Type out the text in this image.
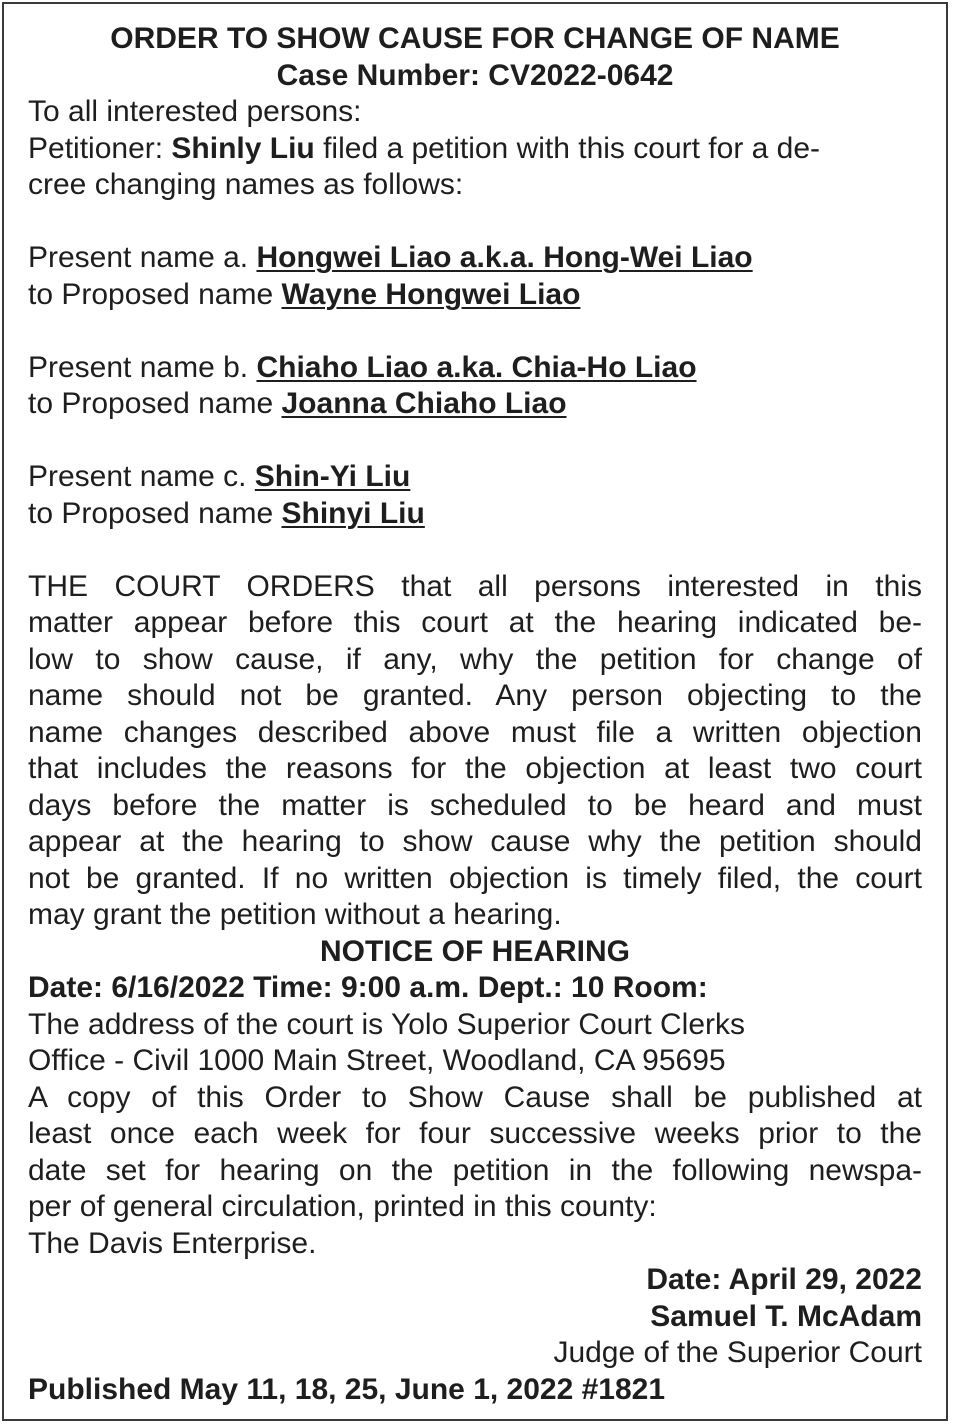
ORDER TO SHOW CAUSE FOR CHANGE OF NAME
Case Number: CV2022-0642
To all interested persons:
Petitioner: Shinly Liu filed a petition with this court for a de-
cree changing names as follows:
Present name a. Hongwei Liao a.k.a. Hong-Wei Liao
to Proposed name Wayne Hongwei Liao
Present name b. Chiaho Liao a.ka. Chia-Ho Liao
to Proposed name Joanna Chiaho Liao
Present name c. Shin-Yi Liu
to Proposed name Shinyi Liu
THE COURT ORDERS that all persons interested in this
matter appear before this court at the hearing indicated be-
low to show cause, if any, why the petition for change of
name should not be granted. Any person objecting to the
name changes described above must file a written objection
that includes the reasons for the objection at least two court
days before the matter is scheduled to be heard and must
appear at the hearing to show cause why the petition should
not be granted. If no written objection is timely filed, the court
may grant the petition without a hearing.
NOTICE OF HEARING
Date: 6/16/2022 Time: 9:00 a.m. Dept.: 10 Room:
The address of the court is Yolo Superior Court Clerks
Office - Civil 1000 Main Street, Woodland, CA 95695
A copy of this Order to Show Cause shall be published at
least once each week for four successive weeks prior to the
date set for hearing on the petition in the following newspa-
per of general circulation, printed in this county:
The Davis Enterprise.
Date: April 29, 2022
Samuel T. McAdam
Judge of the Superior Court
Published May 11, 18, 25, June 1, 2022 #1821
